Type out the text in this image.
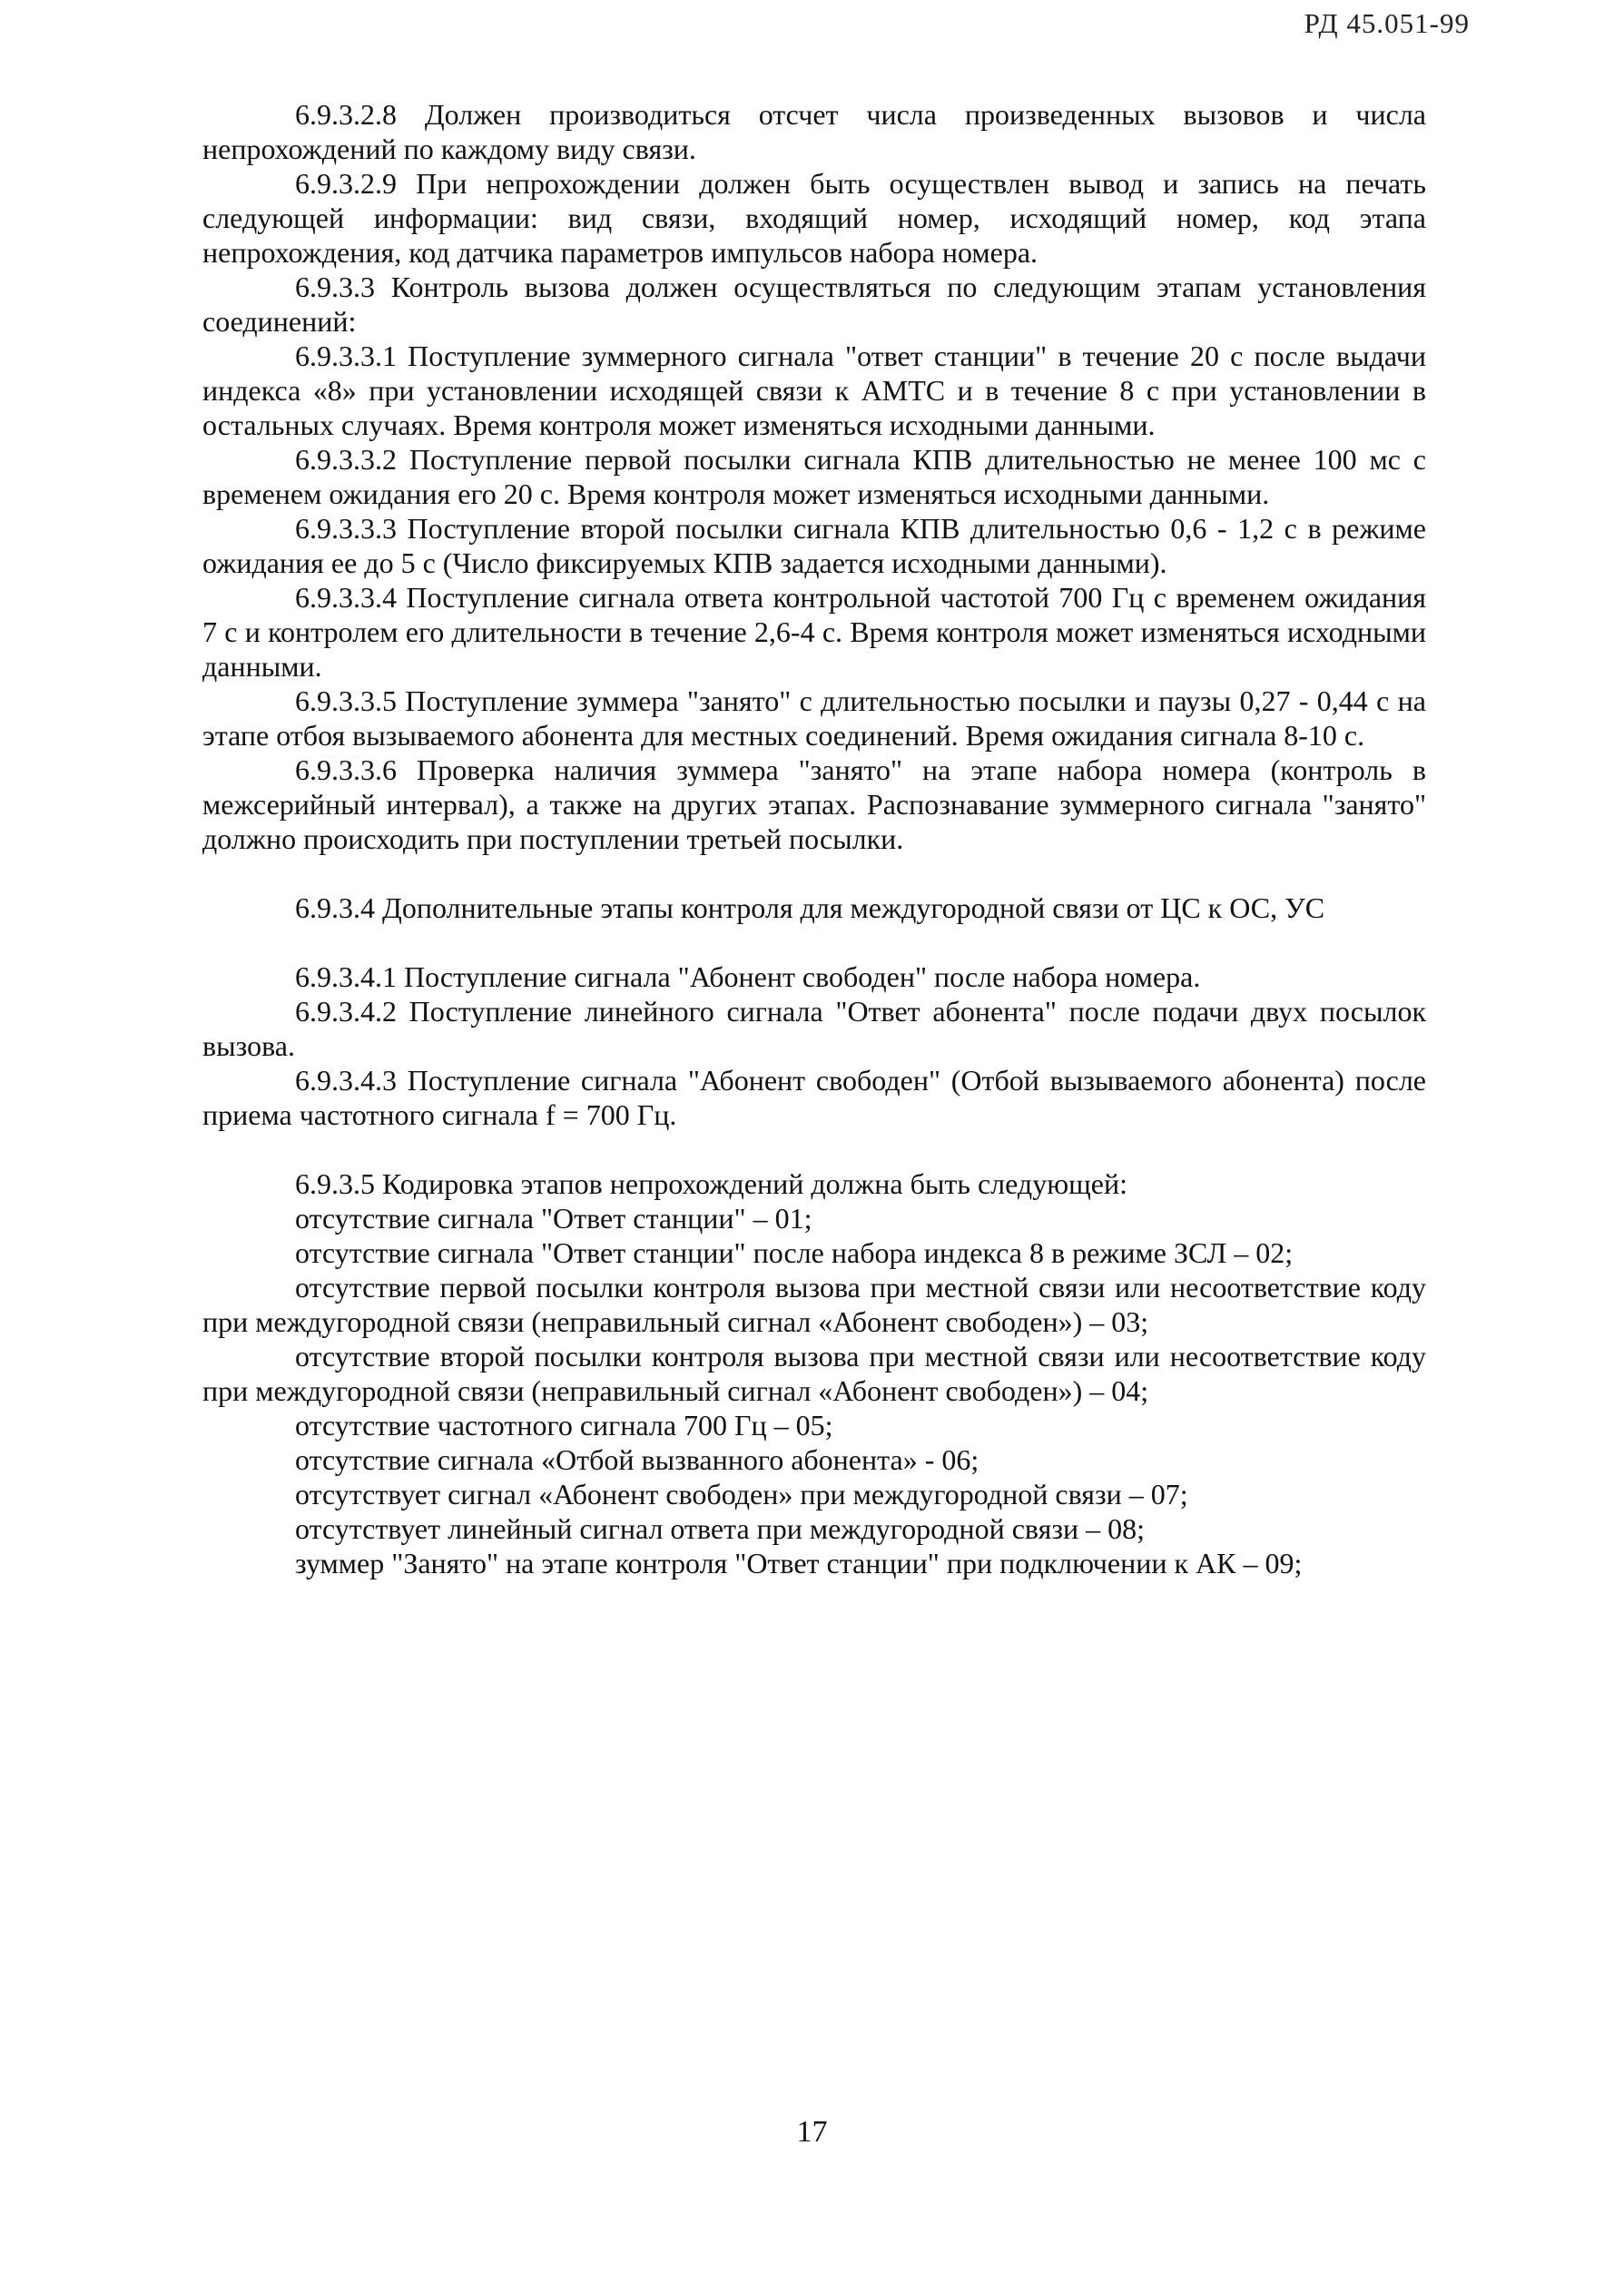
РД 45.051-99

6.9.3.2.8 Должен производиться отсчет числа произведенных вызовов и числа непрохождений по каждому виду связи.

6.9.3.2.9 При непрохождении должен быть осуществлен вывод и запись на печать следующей информации: вид связи, входящий номер, исходящий номер, код этапа непрохождения, код датчика параметров импульсов набора номера.

6.9.3.3 Контроль вызова должен осуществляться по следующим этапам установления соединений:

6.9.3.3.1 Поступление зуммерного сигнала "ответ станции" в течение 20 с после выдачи индекса «8» при установлении исходящей связи к АМТС и в течение 8 с при установлении в остальных случаях. Время контроля может изменяться исходными данными.

6.9.3.3.2 Поступление первой посылки сигнала КПВ длительностью не менее 100 мс с временем ожидания его 20 с. Время контроля может изменяться исходными данными.

6.9.3.3.3 Поступление второй посылки сигнала КПВ длительностью 0,6 - 1,2 с в режиме ожидания ее до 5 с (Число фиксируемых КПВ задается исходными данными).

6.9.3.3.4 Поступление сигнала ответа контрольной частотой 700 Гц с временем ожидания 7 с и контролем его длительности в течение 2,6-4 с. Время контроля может изменяться исходными данными.

6.9.3.3.5 Поступление зуммера "занято" с длительностью посылки и паузы 0,27 - 0,44 с на этапе отбоя вызываемого абонента для местных соединений. Время ожидания сигнала 8-10 с.

6.9.3.3.6 Проверка наличия зуммера "занято" на этапе набора номера (контроль в межсерийный интервал), а также на других этапах. Распознавание зуммерного сигнала "занято" должно происходить при поступлении третьей посылки.

6.9.3.4 Дополнительные этапы контроля для междугородной связи от ЦС к ОС, УС

6.9.3.4.1 Поступление сигнала "Абонент свободен" после набора номера.

6.9.3.4.2 Поступление линейного сигнала "Ответ абонента" после подачи двух посылок вызова.

6.9.3.4.3 Поступление сигнала "Абонент свободен" (Отбой вызываемого абонента) после приема частотного сигнала f = 700 Гц.

6.9.3.5 Кодировка этапов непрохождений должна быть следующей:

отсутствие сигнала "Ответ станции" – 01;

отсутствие сигнала "Ответ станции" после набора индекса 8 в режиме ЗСЛ – 02;

отсутствие первой посылки контроля вызова при местной связи или несоответствие коду при междугородной связи (неправильный сигнал «Абонент свободен») – 03;

отсутствие второй посылки контроля вызова при местной связи или несоответствие коду при междугородной связи (неправильный сигнал «Абонент свободен») – 04;

отсутствие частотного сигнала 700 Гц – 05;

отсутствие сигнала «Отбой вызванного абонента» - 06;

отсутствует сигнал «Абонент свободен» при междугородной связи – 07;

отсутствует линейный сигнал ответа при междугородной связи – 08;

зуммер "Занято" на этапе контроля "Ответ станции" при подключении к АК – 09;

17
